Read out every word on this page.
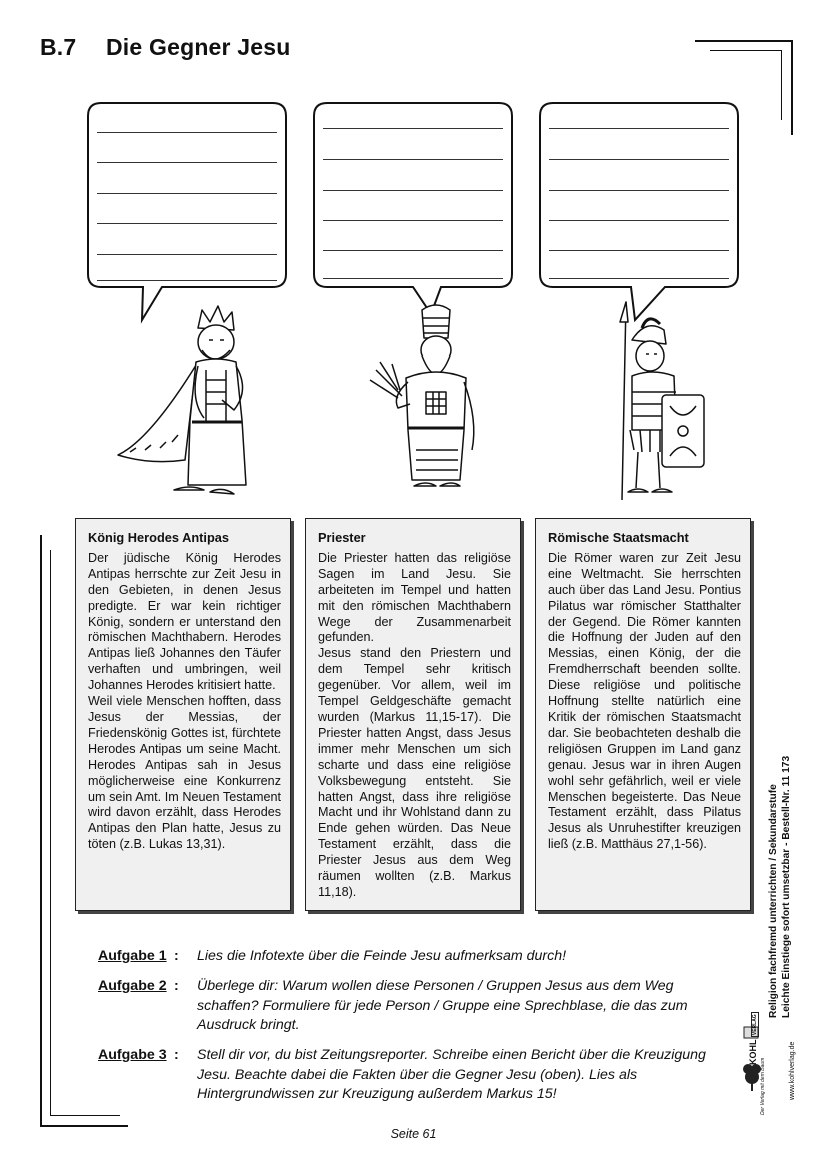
B.7 Die Gegner Jesu
König Herodes Antipas

Der jüdische König Herodes Antipas herrschte zur Zeit Jesu in den Gebieten, in denen Jesus predigte. Er war kein richtiger König, sondern er unterstand den römischen Machthabern. Herodes Antipas ließ Johannes den Täufer verhaften und umbringen, weil Johannes Herodes kritisiert hatte.

Weil viele Menschen hofften, dass Jesus der Messias, der Friedenskönig Gottes ist, fürchtete Herodes Antipas um seine Macht. Herodes Antipas sah in Jesus möglicherweise eine Konkurrenz um sein Amt. Im Neuen Testament wird davon erzählt, dass Herodes Antipas den Plan hatte, Jesus zu töten (z.B. Lukas 13,31).

Priester

Die Priester hatten das religiöse Sagen im Land Jesu. Sie arbeiteten im Tempel und hatten mit den römischen Machthabern Wege der Zusammenarbeit gefunden.

Jesus stand den Priestern und dem Tempel sehr kritisch gegenüber. Vor allem, weil im Tempel Geldgeschäfte gemacht wurden (Markus 11,15-17). Die Priester hatten Angst, dass Jesus immer mehr Menschen um sich scharte und dass eine religiöse Volksbewegung entsteht. Sie hatten Angst, dass ihre religiöse Macht und ihr Wohlstand dann zu Ende gehen würden. Das Neue Testament erzählt, dass die Priester Jesus aus dem Weg räumen wollten (z.B. Markus 11,18).

Römische Staatsmacht

Die Römer waren zur Zeit Jesu eine Weltmacht. Sie herrschten auch über das Land Jesu. Pontius Pilatus war römischer Statthalter der Gegend. Die Römer kannten die Hoffnung der Juden auf den Messias, einen König, der die Fremdherrschaft beenden sollte. Diese religiöse und politische Hoffnung stellte natürlich eine Kritik der römischen Staatsmacht dar. Sie beobachteten deshalb die religiösen Gruppen im Land ganz genau. Jesus war in ihren Augen wohl sehr gefährlich, weil er viele Menschen begeisterte. Das Neue Testament erzählt, dass Pilatus Jesus als Unruhestifter kreuzigen ließ (z.B. Matthäus 27,1-56).

Aufgabe 1 : Lies die Infotexte über die Feinde Jesu aufmerksam durch!
Aufgabe 2 : Überlege dir: Warum wollen diese Personen / Gruppen Jesus aus dem Weg schaffen? Formuliere für jede Person / Gruppe eine Sprechblase, die das zum Ausdruck bringt.
Aufgabe 3 : Stell dir vor, du bist Zeitungsreporter. Schreibe einen Bericht über die Kreuzigung Jesu. Beachte dabei die Fakten über die Gegner Jesu (oben). Lies als Hintergrundwissen zur Kreuzigung außerdem Markus 15!
Religion fachfremd unterrichten / Sekundarstufe Leichte Einstiege sofort umsetzbar - Bestell-Nr. 11 173
KOHL VERLAG
Der Verlag mit dem Baum	www.kohlverlag.de
Seite 61
